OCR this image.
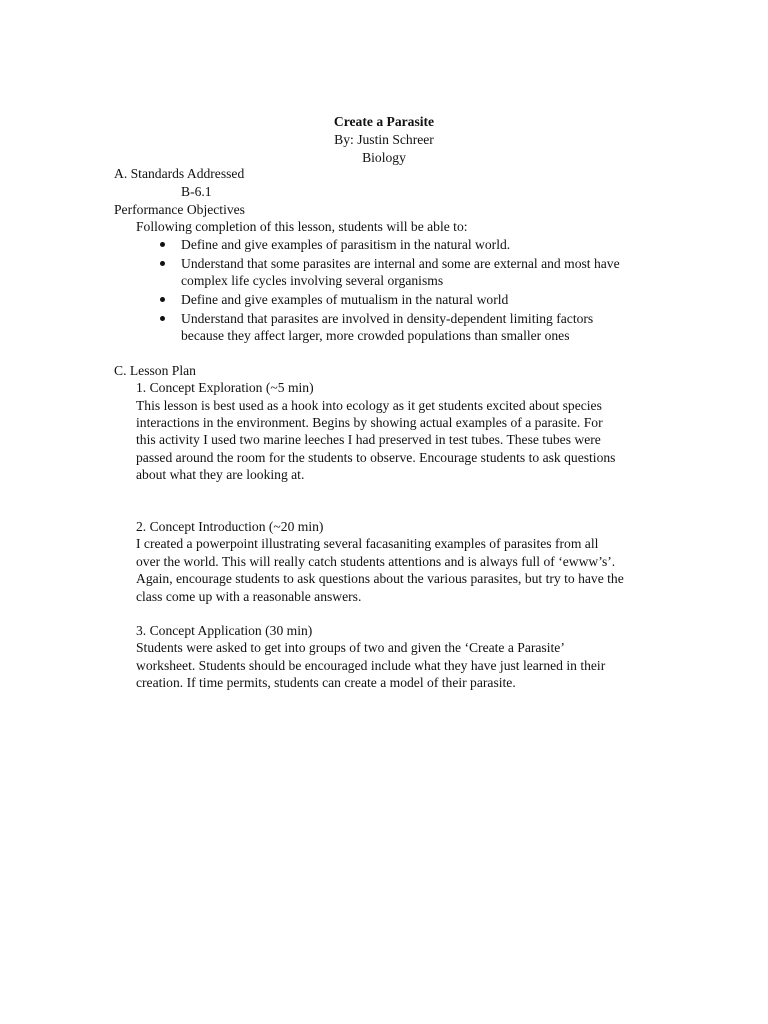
Create a Parasite
By: Justin Schreer
Biology
A. Standards Addressed
B-6.1
Performance Objectives
Following completion of this lesson, students will be able to:
Define and give examples of parasitism in the natural world.
Understand that some parasites are internal and some are external and most have
complex life cycles involving several organisms
Define and give examples of mutualism in the natural world
Understand that parasites are involved in density-dependent limiting factors
because they affect larger, more crowded populations than smaller ones
C. Lesson Plan
1. Concept Exploration (~5 min)
This lesson is best used as a hook into ecology as it get students excited about species
interactions in the environment. Begins by showing actual examples of a parasite. For
this activity I used two marine leeches I had preserved in test tubes. These tubes were
passed around the room for the students to observe. Encourage students to ask questions
about what they are looking at.
2. Concept Introduction (~20 min)
I created a powerpoint illustrating several facasaniting examples of parasites from all
over the world. This will really catch students attentions and is always full of ‘ewww’s’.
Again, encourage students to ask questions about the various parasites, but try to have the
class come up with a reasonable answers.
3. Concept Application (30 min)
Students were asked to get into groups of two and given the ‘Create a Parasite’
worksheet. Students should be encouraged include what they have just learned in their
creation. If time permits, students can create a model of their parasite.
